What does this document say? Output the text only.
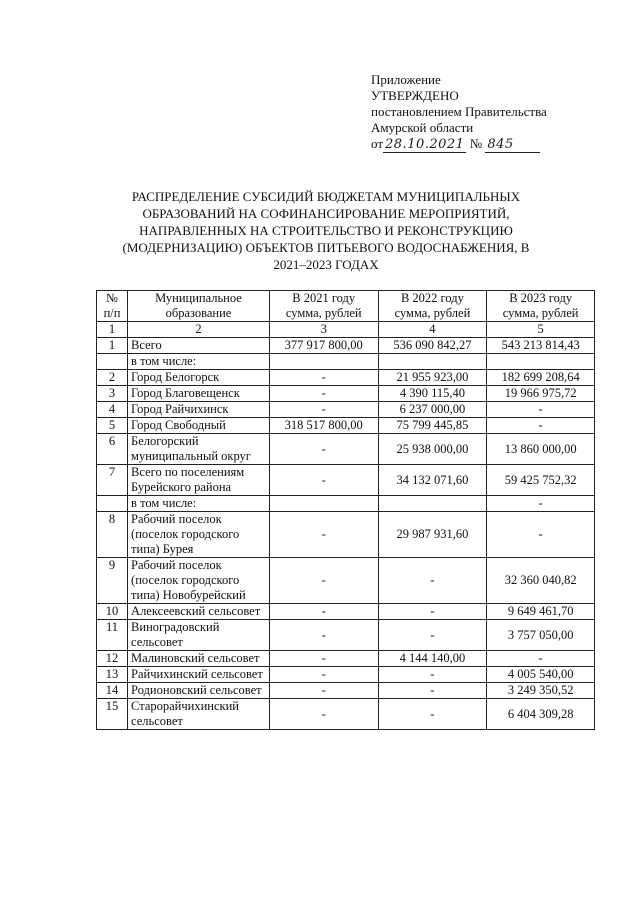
Приложение
УТВЕРЖДЕНО
постановлением Правительства
Амурской области
от 28.10.2021 № 845
РАСПРЕДЕЛЕНИЕ СУБСИДИЙ БЮДЖЕТАМ МУНИЦИПАЛЬНЫХ
ОБРАЗОВАНИЙ НА СОФИНАНСИРОВАНИЕ МЕРОПРИЯТИЙ,
НАПРАВЛЕННЫХ НА СТРОИТЕЛЬСТВО И РЕКОНСТРУКЦИЮ
(МОДЕРНИЗАЦИЮ) ОБЪЕКТОВ ПИТЬЕВОГО ВОДОСНАБЖЕНИЯ, В
2021–2023 ГОДАХ
№ п/п	Муниципальное образование	В 2021 году сумма, рублей	В 2022 году сумма, рублей	В 2023 году сумма, рублей
1	2	3	4	5
1	Всего	377 917 800,00	536 090 842,27	543 213 814,43
	в том числе:			
2	Город Белогорск	-	21 955 923,00	182 699 208,64
3	Город Благовещенск	-	4 390 115,40	19 966 975,72
4	Город Райчихинск	-	6 237 000,00	-
5	Город Свободный	318 517 800,00	75 799 445,85	-
6	Белогорский муниципальный округ	-	25 938 000,00	13 860 000,00
7	Всего по поселениям Бурейского района	-	34 132 071,60	59 425 752,32
	в том числе:			-
8	Рабочий поселок (поселок городского типа) Бурея	-	29 987 931,60	-
9	Рабочий поселок (поселок городского типа) Новобурейский	-	-	32 360 040,82
10	Алексеевский сельсовет	-	-	9 649 461,70
11	Виноградовский сельсовет	-	-	3 757 050,00
12	Малиновский сельсовет	-	4 144 140,00	-
13	Райчихинский сельсовет	-	-	4 005 540,00
14	Родионовский сельсовет	-	-	3 249 350,52
15	Старорайчихинский сельсовет	-	-	6 404 309,28
